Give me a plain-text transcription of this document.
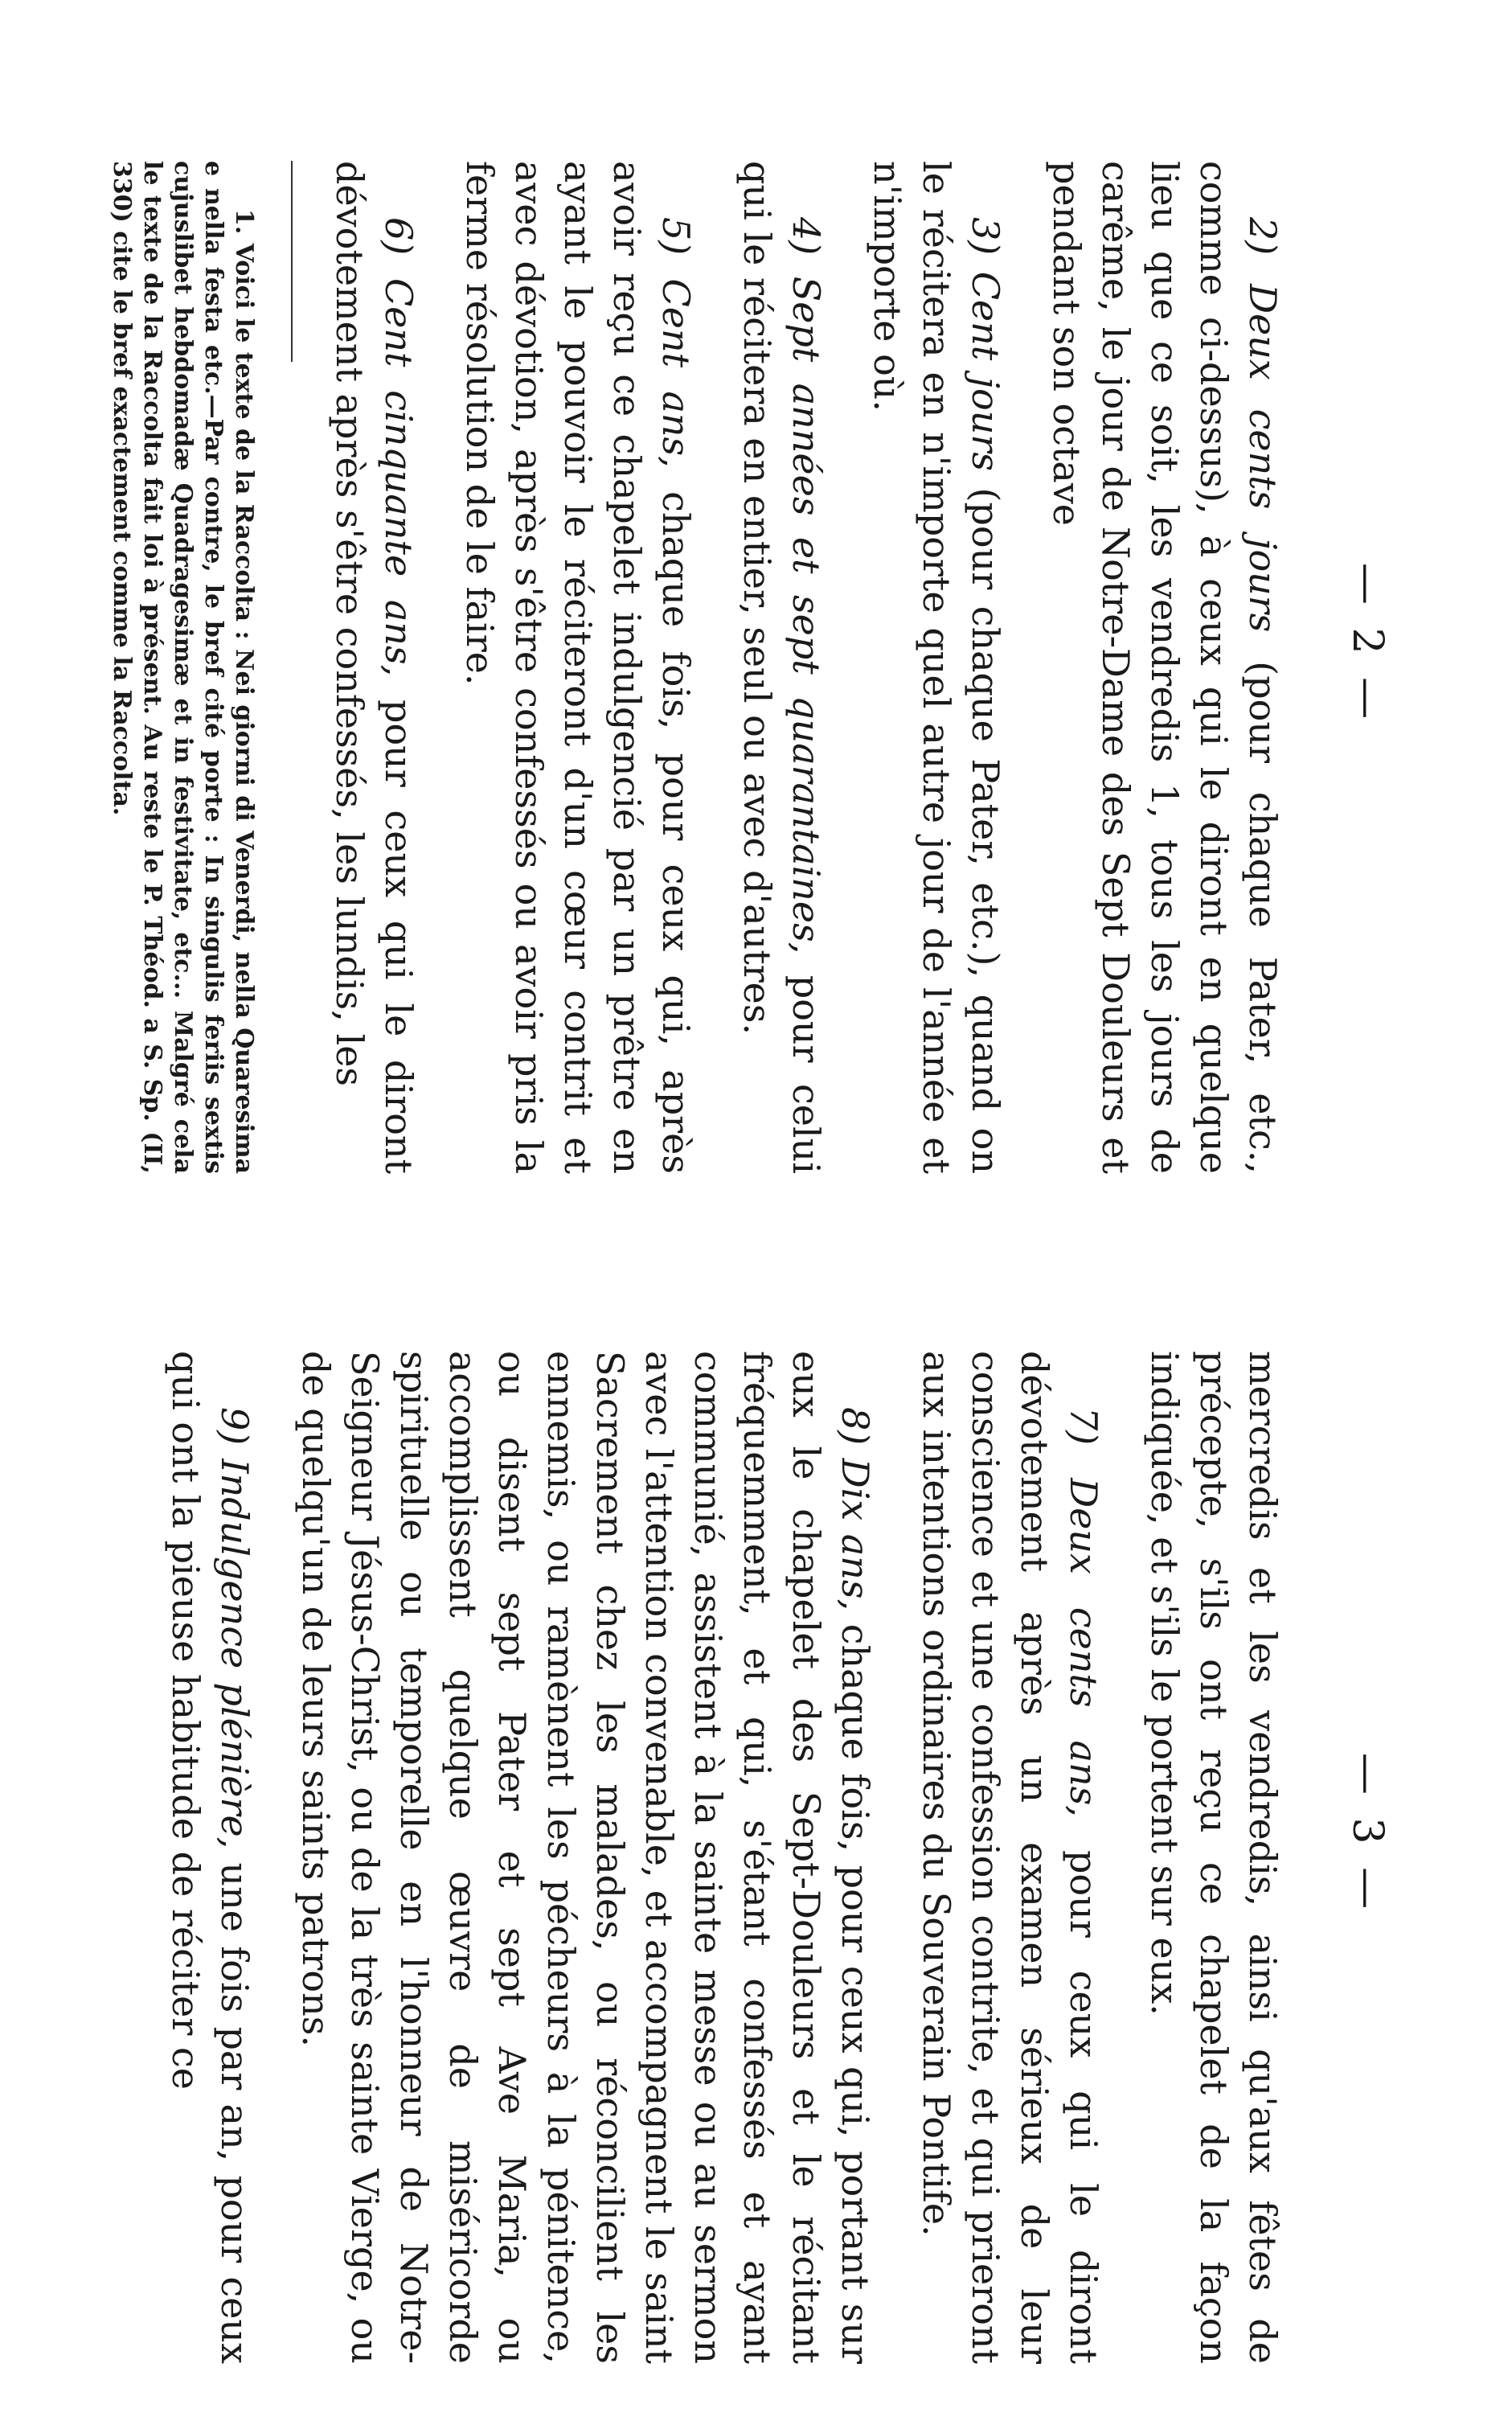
— 2 —

2) Deux cents jours (pour chaque Pater, etc., comme ci-dessus), à ceux qui le diront en quelque lieu que ce soit, les vendredis 1, tous les jours de carême, le jour de Notre-Dame des Sept Douleurs et pendant son octave

3) Cent jours (pour chaque Pater, etc.), quand on le récitera en n'importe quel autre jour de l'année et n'importe où.

4) Sept années et sept quarantaines, pour celui qui le récitera en entier, seul ou avec d'autres.

5) Cent ans, chaque fois, pour ceux qui, après avoir reçu ce chapelet indulgencié par un prêtre en ayant le pouvoir le réciteront d'un cœur contrit et avec dévotion, après s'être confessés ou avoir pris la ferme résolution de le faire.

6) Cent cinquante ans, pour ceux qui le diront dévotement après s'être confessés, les lundis, les

1. Voici le texte de la Raccolta : Nei giorni di Venerdi, nella Quaresima e nella festa etc.—Par contre, le bref cité porte : In singulis feriis sextis cujuslibet hebdomadæ Quadragesimæ et in festivitate, etc... Malgré cela le texte de la Raccolta fait loi à présent. Au reste le P. Théod. a S. Sp. (II, 330) cite le bref exactement comme la Raccolta.

— 3 —

mercredis et les vendredis, ainsi qu'aux fêtes de précepte, s'ils ont reçu ce chapelet de la façon indiquée, et s'ils le portent sur eux.

7) Deux cents ans, pour ceux qui le diront dévotement après un examen sérieux de leur conscience et une confession contrite, et qui prieront aux intentions ordinaires du Souverain Pontife.

8) Dix ans, chaque fois, pour ceux qui, portant sur eux le chapelet des Sept-Douleurs et le récitant fréquemment, et qui, s'étant confessés et ayant communié, assistent à la sainte messe ou au sermon avec l'attention convenable, et accompagnent le saint Sacrement chez les malades, ou réconcilient les ennemis, ou ramènent les pécheurs à la pénitence, ou disent sept Pater et sept Ave Maria, ou accomplissent quelque œuvre de miséricorde spirituelle ou temporelle en l'honneur de Notre-Seigneur Jésus-Christ, ou de la très sainte Vierge, ou de quelqu'un de leurs saints patrons.

9) Indulgence plénière, une fois par an, pour ceux qui ont la pieuse habitude de réciter ce
